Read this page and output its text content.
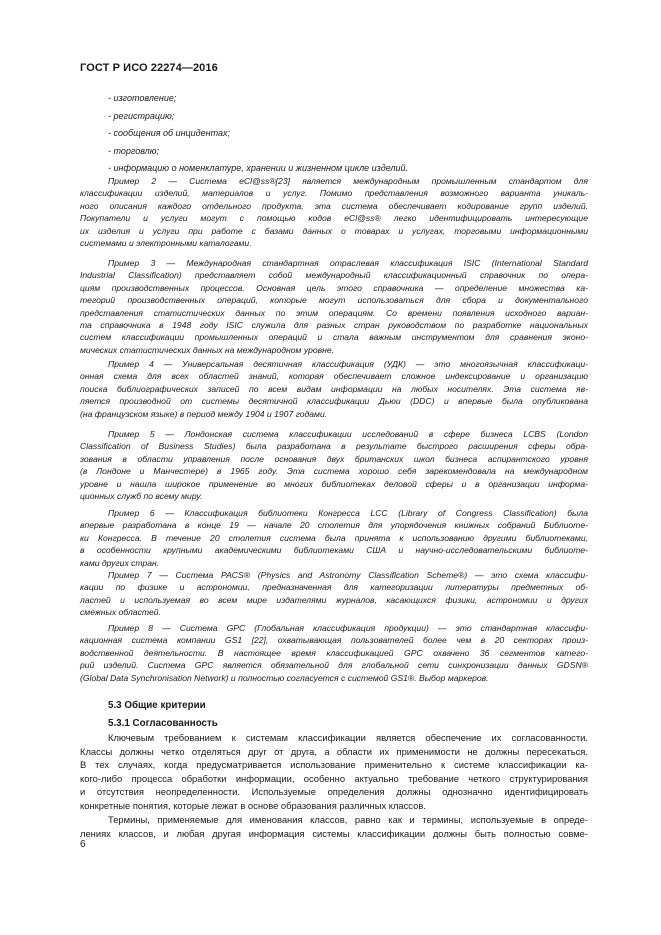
ГОСТ Р ИСО 22274—2016
- изготовление;
- регистрацию;
- сообщения об инцидентах;
- торговлю;
- информацию о номенклатуре, хранении и жизненном цикле изделий.
Пример 2 — Система eCl@ss®[23] является международным промышленным стандартом для
классификации изделий, материалов и услуг. Помимо представления возможного варианта уникаль-
ного описания каждого отдельного продукта, эта система обеспечивает кодирование групп изделий.
Покупатели и услуги могут с помощью кодов eCl@ss® легко идентифицировать интересующие
их изделия и услуги при работе с базами данных о товарах и услугах, торговыми информационными
системами и электронными каталогами.
Пример 3 — Международная стандартная отраслевая классификация ISIC (International Standard
Industrial Classification) представляет собой международный классификационный справочник по опера-
циям производственных процессов. Основная цель этого справочника — определение множества ка-
тегорий производственных операций, которые могут использоваться для сбора и документального
представления статистических данных по этим операциям. Со времени появления исходного вариан-
та справочника в 1948 году ISIC служила для разных стран руководством по разработке национальных
систем классификации промышленных операций и стала важным инструментом для сравнения эконо-
мических статистических данных на международном уровне.
Пример 4 — Универсальная десятичная классификация (УДК) — это многоязычная классификаци-
онная схема для всех областей знаний, которая обеспечивает сложное индексирование и организацию
поиска библиографических записей по всем видам информации на любых носителях. Эта система яв-
ляется производной от системы десятичной классификации Дьюи (DDC) и впервые была опубликована
(на французском языке) в период между 1904 и 1907 годами.
Пример 5 — Лондонская система классификации исследований в сфере бизнеса LCBS (London
Classification of Business Studies) была разработана в результате быстрого расширения сферы обра-
зования в области управления после основания двух британских школ бизнеса аспирантского уровня
(в Лондоне и Манчестере) в 1965 году. Эта система хорошо себя зарекомендовала на международном
уровне и нашла широкое применение во многих библиотеках деловой сферы и в организации информа-
ционных служб по всему миру.
Пример 6 — Классификация библиотеки Конгресса LCC (Library of Congress Classification) была
впервые разработана в конце 19 — начале 20 столетия для упорядочения книжных собраний Библиоте-
ки Конгресса. В течение 20 столетия система была принята к использованию другими библиотеками,
в особенности крупными академическими библиотеками США и научно-исследовательскими библиоте-
ками других стран.
Пример 7 — Система PACS® (Physics and Astronomy Classification Scheme®) — это схема классифи-
кации по физике и астрономии, предназначенная для категоризации литературы предметных об-
ластей и используемая во всем мире издателями журналов, касающихся физики, астрономии и других
смежных областей.
Пример 8 — Система GPC (Глобальная классификация продукции) — это стандартная классифи-
кационная система компании GS1 [22], охватывающая пользователей более чем в 20 секторах произ-
водственной деятельности. В настоящее время классификацией GPC охвачено 36 сегментов катего-
рий изделий. Система GPC является обязательной для глобальной сети синхронизации данных GDSN®
(Global Data Synchronisation Network) и полностью согласуется с системой GS1®. Выбор маркеров.
5.3 Общие критерии
5.3.1 Согласованность
Ключевым требованием к системам классификации является обеспечение их согласованности.
Классы должны четко отделяться друг от друга, а области их применимости не должны пересекаться.
В тех случаях, когда предусматривается использование применительно к системе классификации ка-
кого-либо процесса обработки информации, особенно актуально требование четкого структурирования
и отсутствия неопределенности. Используемые определения должны однозначно идентифицировать
конкретные понятия, которые лежат в основе образования различных классов.
Термины, применяемые для именования классов, равно как и термины, используемые в опреде-
лениях классов, и любая другая информация системы классификации должны быть полностью совме-
6
